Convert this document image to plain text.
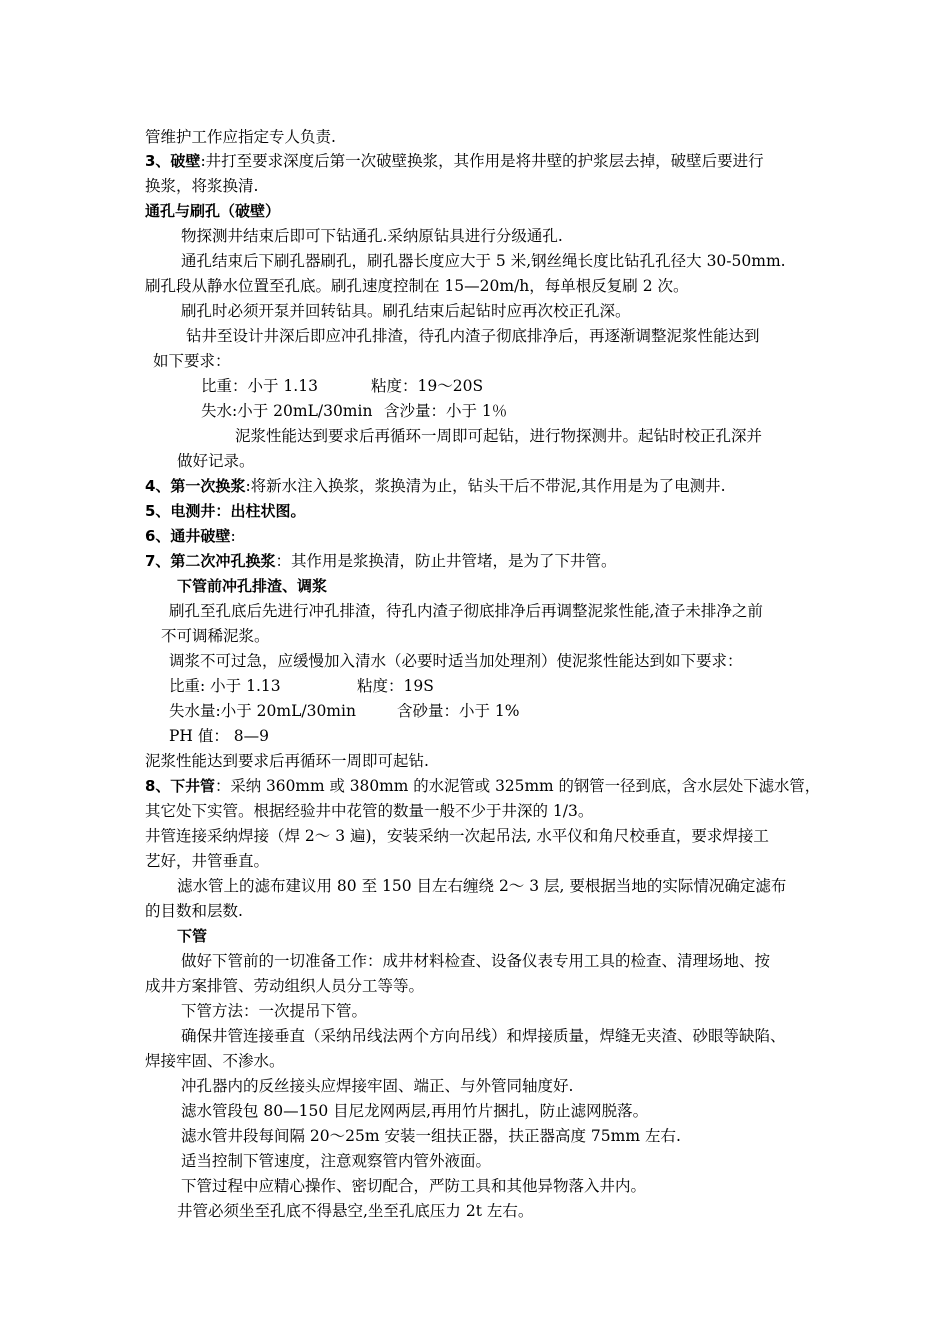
管维护工作应指定专人负责.
3、破壁:井打至要求深度后第一次破壁换浆，其作用是将井壁的护浆层去掉，破壁后要进行
换浆，将浆换清.
通孔与刷孔（破壁）
物探测井结束后即可下钻通孔.采纳原钻具进行分级通孔.
通孔结束后下刷孔器刷孔，刷孔器长度应大于 5 米,钢丝绳长度比钻孔孔径大 30-50mm.
刷孔段从静水位置至孔底。刷孔速度控制在 15—20m/h，每单根反复刷 2 次。
刷孔时必须开泵并回转钻具。刷孔结束后起钻时应再次校正孔深。
钻井至设计井深后即应冲孔排渣，待孔内渣子彻底排净后，再逐渐调整泥浆性能达到
如下要求：
比重：小于 1.13	粘度：19～20S
失水:小于 20mL/30min 含沙量：小于 1％
泥浆性能达到要求后再循环一周即可起钻，进行物探测井。起钻时校正孔深并
做好记录。
4、第一次换浆:将新水注入换浆，浆换清为止，钻头干后不带泥,其作用是为了电测井.
5、电测井：出柱状图。
6、通井破壁:
7、第二次冲孔换浆：其作用是浆换清，防止井管堵，是为了下井管。
下管前冲孔排渣、调浆
刷孔至孔底后先进行冲孔排渣，待孔内渣子彻底排净后再调整泥浆性能,渣子未排净之前
不可调稀泥浆。
调浆不可过急，应缓慢加入清水（必要时适当加处理剂）使泥浆性能达到如下要求：
比重: 小于 1.13	粘度：19S
失水量:小于 20mL/30min	含砂量：小于 1%
PH 值： 8—9
泥浆性能达到要求后再循环一周即可起钻.
8、下井管：采纳 360mm 或 380mm 的水泥管或 325mm 的钢管一径到底，含水层处下滤水管，
其它处下实管。根据经验井中花管的数量一般不少于井深的 1/3。
井管连接采纳焊接（焊 2～ 3 遍)，安装采纳一次起吊法, 水平仪和角尺校垂直，要求焊接工
艺好，井管垂直。
滤水管上的滤布建议用 80 至 150 目左右缠绕 2～ 3 层, 要根据当地的实际情况确定滤布
的目数和层数.
下管
做好下管前的一切准备工作：成井材料检查、设备仪表专用工具的检查、清理场地、按
成井方案排管、劳动组织人员分工等等。
下管方法：一次提吊下管。
确保井管连接垂直（采纳吊线法两个方向吊线）和焊接质量，焊缝无夹渣、砂眼等缺陷、
焊接牢固、不渗水。
冲孔器内的反丝接头应焊接牢固、端正、与外管同轴度好.
滤水管段包 80—150 目尼龙网两层,再用竹片捆扎，防止滤网脱落。
滤水管井段每间隔 20～25m 安装一组扶正器，扶正器高度 75mm 左右.
适当控制下管速度，注意观察管内管外液面。
下管过程中应精心操作、密切配合，严防工具和其他异物落入井内。
井管必须坐至孔底不得悬空,坐至孔底压力 2t 左右。
